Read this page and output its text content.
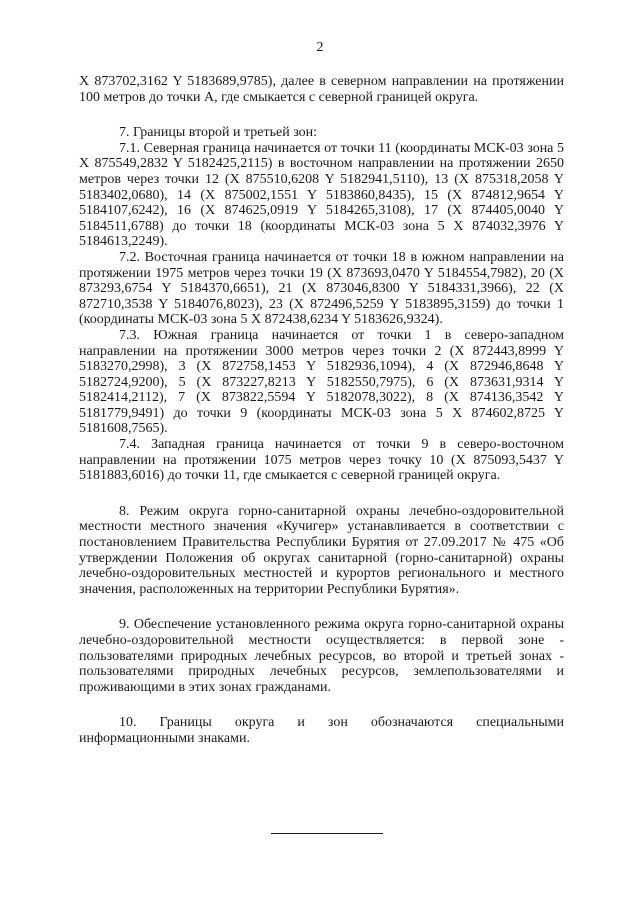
2

X 873702,3162 Y 5183689,9785), далее в северном направлении на протяжении 100 метров до точки А, где смыкается с северной границей округа.

7. Границы второй и третьей зон:

7.1. Северная граница начинается от точки 11 (координаты МСК-03 зона 5 X 875549,2832 Y 5182425,2115) в восточном направлении на протяжении 2650 метров через точки 12 (X 875510,6208 Y 5182941,5110), 13 (X 875318,2058 Y 5183402,0680), 14 (X 875002,1551 Y 5183860,8435), 15 (X 874812,9654 Y 5184107,6242), 16 (X 874625,0919 Y 5184265,3108), 17 (X 874405,0040 Y 5184511,6788) до точки 18 (координаты МСК-03 зона 5 X 874032,3976 Y 5184613,2249).

7.2. Восточная граница начинается от точки 18 в южном направлении на протяжении 1975 метров через точки 19 (X 873693,0470 Y 5184554,7982), 20 (X 873293,6754 Y 5184370,6651), 21 (X 873046,8300 Y 5184331,3966), 22 (X 872710,3538 Y 5184076,8023), 23 (X 872496,5259 Y 5183895,3159) до точки 1 (координаты МСК-03 зона 5 X 872438,6234 Y 5183626,9324).

7.3. Южная граница начинается от точки 1 в северо-западном направлении на протяжении 3000 метров через точки 2 (X 872443,8999 Y 5183270,2998), 3 (X 872758,1453 Y 5182936,1094), 4 (X 872946,8648 Y 5182724,9200), 5 (X 873227,8213 Y 5182550,7975), 6 (X 873631,9314 Y 5182414,2112), 7 (X 873822,5594 Y 5182078,3022), 8 (X 874136,3542 Y 5181779,9491) до точки 9 (координаты МСК-03 зона 5 X 874602,8725 Y 5181608,7565).

7.4. Западная граница начинается от точки 9 в северо-восточном направлении на протяжении 1075 метров через точку 10 (X 875093,5437 Y 5181883,6016) до точки 11, где смыкается с северной границей округа.

8. Режим округа горно-санитарной охраны лечебно-оздоровительной местности местного значения «Кучигер» устанавливается в соответствии с постановлением Правительства Республики Бурятия от 27.09.2017 № 475 «Об утверждении Положения об округах санитарной (горно-санитарной) охраны лечебно-оздоровительных местностей и курортов регионального и местного значения, расположенных на территории Республики Бурятия».

9. Обеспечение установленного режима округа горно-санитарной охраны лечебно-оздоровительной местности осуществляется: в первой зоне - пользователями природных лечебных ресурсов, во второй и третьей зонах - пользователями природных лечебных ресурсов, землепользователями и проживающими в этих зонах гражданами.

10. Границы округа и зон обозначаются специальными информационными знаками.
